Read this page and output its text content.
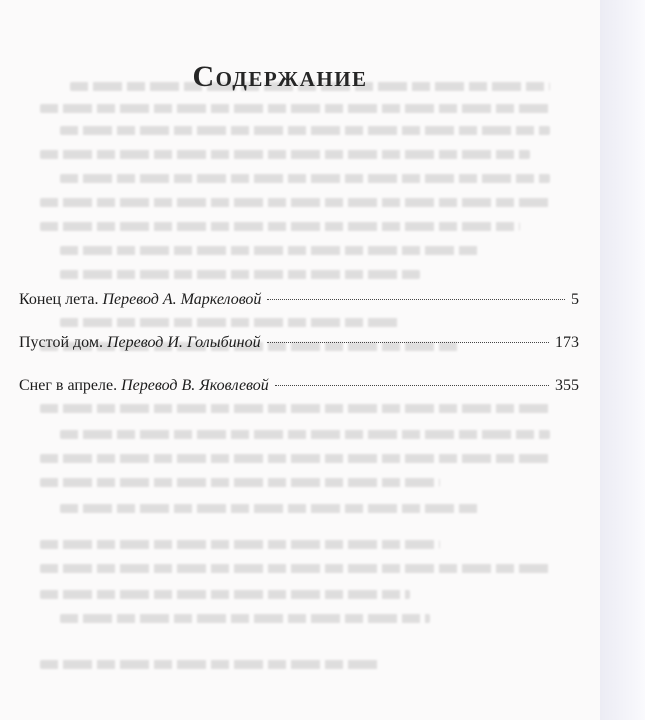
Содержание
Конец лета. Перевод А. Маркеловой	5
Пустой дом. Перевод И. Голыбиной	173
Снег в апреле. Перевод В. Яковлевой	355
